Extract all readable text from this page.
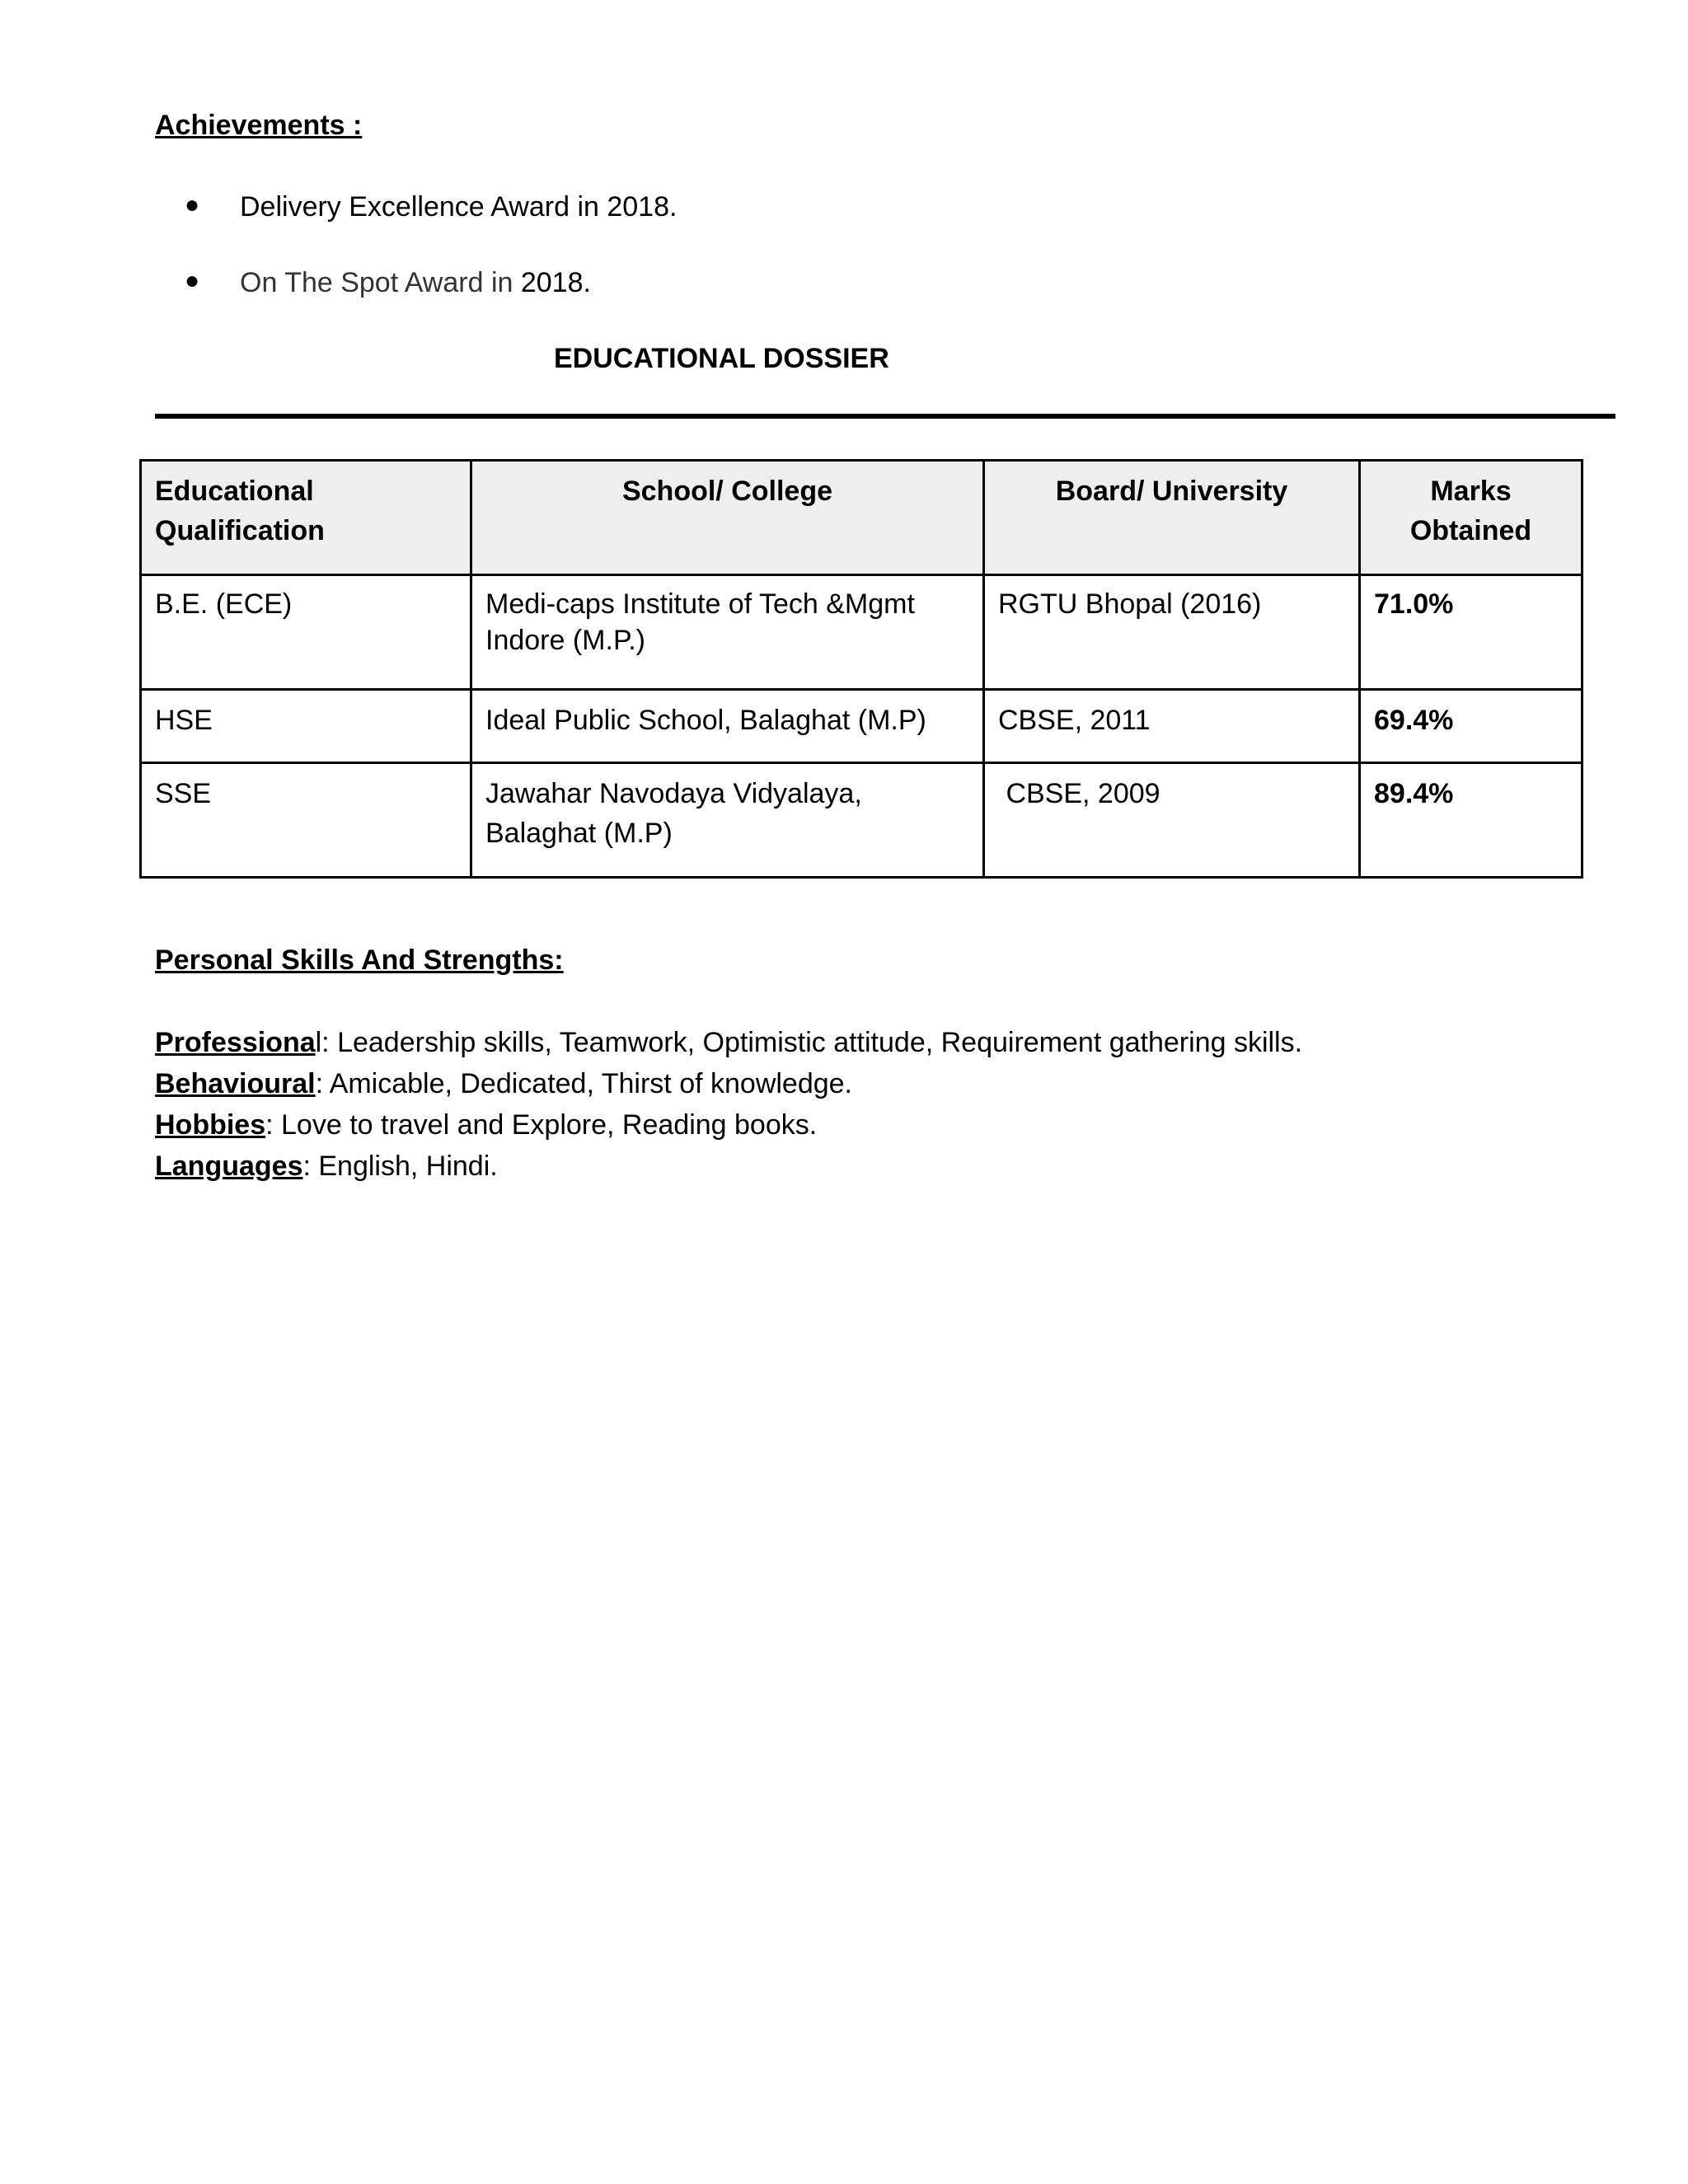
Achievements :
● Delivery Excellence Award in 2018.
● On The Spot Award in 2018.
EDUCATIONAL DOSSIER
Educational Qualification	School/ College	Board/ University	Marks Obtained
B.E. (ECE)	Medi-caps Institute of Tech &Mgmt Indore (M.P.)	RGTU Bhopal (2016)	71.0%
HSE	Ideal Public School, Balaghat (M.P)	CBSE, 2011	69.4%
SSE	Jawahar Navodaya Vidyalaya, Balaghat (M.P)	CBSE, 2009	89.4%
Personal Skills And Strengths:

Professional: Leadership skills, Teamwork, Optimistic attitude, Requirement gathering skills.

Behavioural: Amicable, Dedicated, Thirst of knowledge.

Hobbies: Love to travel and Explore, Reading books.

Languages: English, Hindi.
